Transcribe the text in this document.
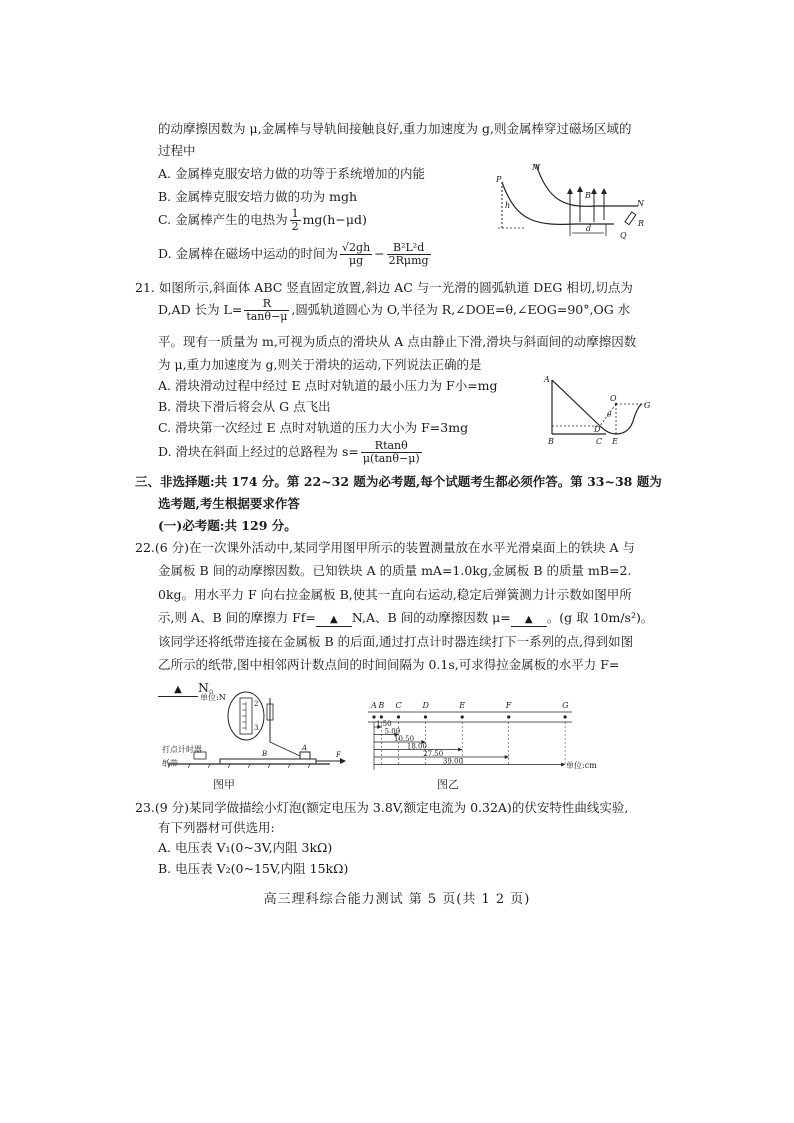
的动摩擦因数为 μ,金属棒与导轨间接触良好,重力加速度为 g,则金属棒穿过磁场区域的
过程中
A. 金属棒克服安培力做的功等于系统增加的内能
B. 金属棒克服安培力做的功为 mgh
C. 金属棒产生的电热为 $\frac{1}{2} mg(h-\mu d)$
D. 金属棒在磁场中运动的时间为 $\frac{√2gh}{\mu g} - \frac{\text{B²L²d}}{\text{2Rμmg}}$
M
P
h
B
N
R
d
Q
21. 如图所示,斜面体 ABC 竖直固定放置,斜边 AC 与一光滑的圆弧轨道 DEG 相切,切点为
D,AD 长为 $L= \frac{R}{\tan\theta-\mu}$ ,圆弧轨道圆心为 O,半径为 R,∠DOE=θ,∠EOG=90°,OG 水
平。现有一质量为 m,可视为质点的滑块从 A 点由静止下滑,滑块与斜面间的动摩擦因数
为 μ,重力加速度为 g,则关于滑块的运动,下列说法正确的是
A. 滑块滑动过程中经过 E 点时对轨道的最小压力为 F小=mg
B. 滑块下滑后将会从 G 点飞出
C. 滑块第一次经过 E 点时对轨道的压力大小为 F=3mg
D. 滑块在斜面上经过的总路程为 $s= \frac{Rtan\theta}{\mu(\tan\theta-\mu)}$
A
O
G
θ
D
B	C E
三、非选择题:共 174 分。第 22~32 题为必考题,每个试题考生都必须作答。第 33~38 题为
选考题,考生根据要求作答
(一)必考题:共 129 分。
22.(6 分)在一次课外活动中,某同学用图甲所示的装置测量放在水平光滑桌面上的铁块 A 与
金属板 B 间的动摩擦因数。已知铁块 A 的质量 mA=1.0kg,金属板 B 的质量 mB=2.
0kg。用水平力 F 向右拉金属板 B,使其一直向右运动,稳定后弹簧测力计示数如图甲所
示,则 A、B 间的摩擦力 Ff= ▲ N,A、B 间的动摩擦因数 μ= ▲ 。(g 取 10m/s²)。
该同学还将纸带连接在金属板 B 的后面,通过打点计时器连续打下一系列的点,得到如图
乙所示的纸带,图中相邻两计数点间的时间间隔为 0.1s,可求得拉金属板的水平力 F=
▲ N。
单位:N
2
3
A
B	F
打点计时器
纸带
图甲
A B C	D	E	F	G
1.50
5.00
10.50
18.00
27.50
39.00	单位:cm
图乙
23.(9 分)某同学做描绘小灯泡(额定电压为 3.8V,额定电流为 0.32A)的伏安特性曲线实验,
有下列器材可供选用:
A. 电压表 V₁(0~3V,内阻 3kΩ)
B. 电压表 V₂(0~15V,内阻 15kΩ)
高三理科综合能力测试 第 5 页(共 1 2 页)
